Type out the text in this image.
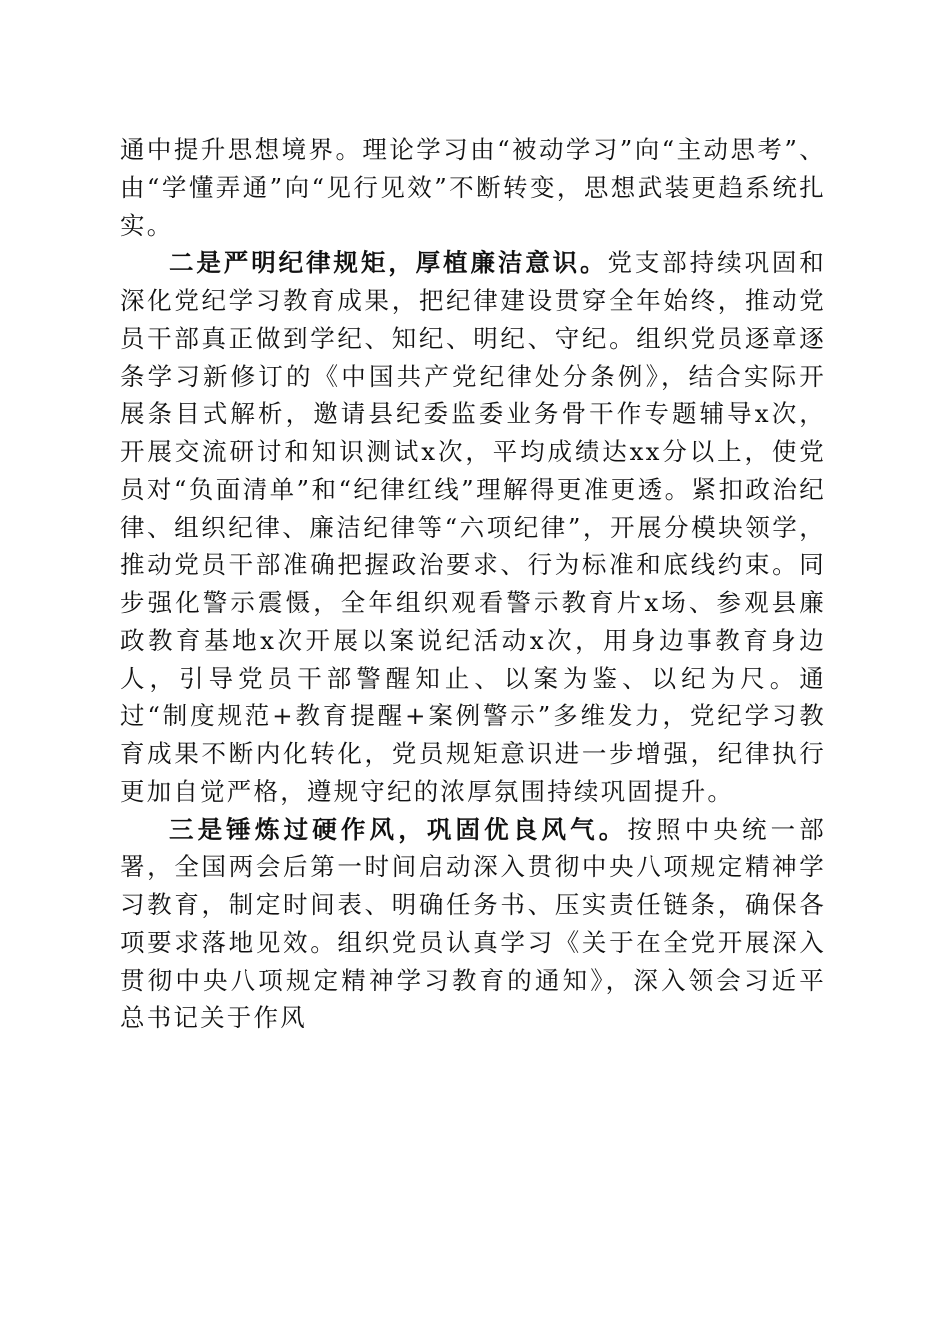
通中提升思想境界。理论学习由“被动学习”向“主动思考”、由“学懂弄通”向“见行见效”不断转变，思想武装更趋系统扎实。

二是严明纪律规矩，厚植廉洁意识。党支部持续巩固和深化党纪学习教育成果，把纪律建设贯穿全年始终，推动党员干部真正做到学纪、知纪、明纪、守纪。组织党员逐章逐条学习新修订的《中国共产党纪律处分条例》，结合实际开展条目式解析，邀请县纪委监委业务骨干作专题辅导x次，开展交流研讨和知识测试x次，平均成绩达xx分以上，使党员对“负面清单”和“纪律红线”理解得更准更透。紧扣政治纪律、组织纪律、廉洁纪律等“六项纪律”，开展分模块领学，推动党员干部准确把握政治要求、行为标准和底线约束。同步强化警示震慑，全年组织观看警示教育片x场、参观县廉政教育基地x次开展以案说纪活动x次，用身边事教育身边人，引导党员干部警醒知止、以案为鉴、以纪为尺。通过“制度规范+教育提醒+案例警示”多维发力，党纪学习教育成果不断内化转化，党员规矩意识进一步增强，纪律执行更加自觉严格，遵规守纪的浓厚氛围持续巩固提升。

三是锤炼过硬作风，巩固优良风气。按照中央统一部署，全国两会后第一时间启动深入贯彻中央八项规定精神学习教育，制定时间表、明确任务书、压实责任链条，确保各项要求落地见效。组织党员认真学习《关于在全党开展深入贯彻中央八项规定精神学习教育的通知》，深入领会习近平总书记关于作风
